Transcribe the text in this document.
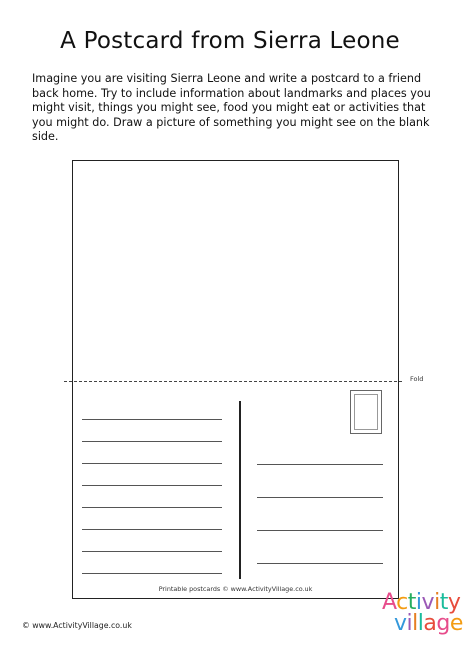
A Postcard from Sierra Leone
Imagine you are visiting Sierra Leone and write a postcard to a friend
back home. Try to include information about landmarks and places you
might visit, things you might see, food you might eat or activities that
you might do. Draw a picture of something you might see on the blank
side.
Fold
Printable postcards © www.ActivityVillage.co.uk
© www.ActivityVillage.co.uk
Activity
village
